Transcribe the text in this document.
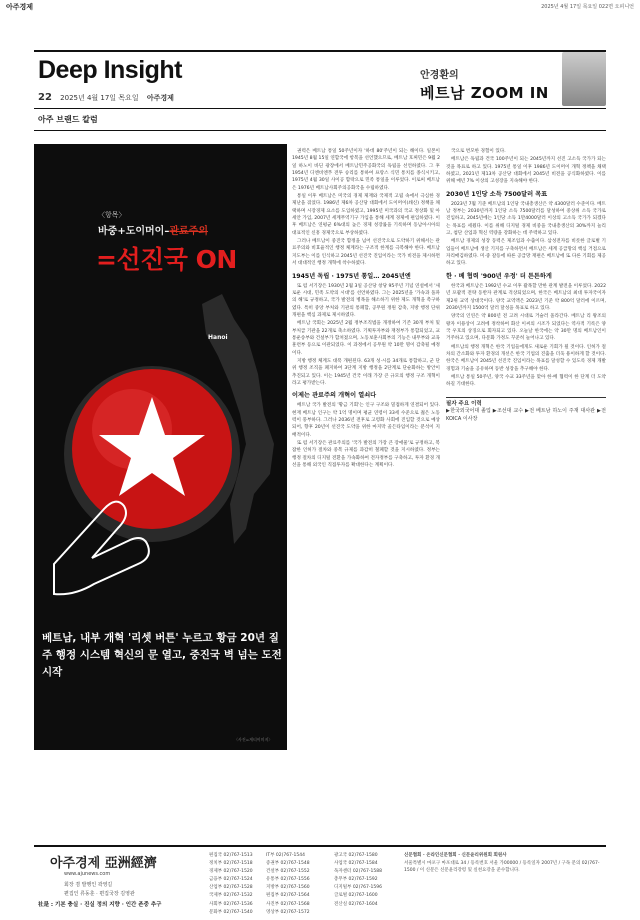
아주경제	2025년 4월 17일 목요일 022면 오피니언
Deep Insight
22 2025년 4월 17일 목요일 아주경제
안경환의
베트남 ZOOM IN
아주 브랜드 칼럼
〈항목〉
바중+도이머이–관료주의
=선진국 ON
Hanoi
베트남, 내부 개혁 '리셋 버튼' 누르고 황금 20년 질주 행정 시스템 혁신의 문 열고, 중진국 벽 넘는 도전 시작
〈사진=게티이미지〉

권력은 베트남 통일 50주년이자 '하데 80'주년이 되는 해이다. 일본이 1945년 8월 15일 연합국에 항복을 선언했으므로, 베트남 호찌민은 9월 2일 하노이 바딘 광장에서 베트남민주공화국의 독립을 선언하였다. 그 후 1954년 디엔비엔푸 전투 승리를 통하여 프랑스 식민 통치를 종식시키고, 1975년 4월 30일 사이공 함락으로 민족 통일을 이루었다. 이로써 베트남은 1976년 베트남사회주의공화국을 수립하였다.

통일 이후 베트남은 미국의 경제 제재와 국제적 고립 속에서 극심한 경제난을 겪었다. 1986년 제6차 공산당 대회에서 도이머이(쇄신) 정책을 채택하며 시장경제 요소를 도입하였고, 1995년 미국과의 국교 정상화 및 아세안 가입, 2007년 세계무역기구 가입을 통해 세계 경제에 편입하였다. 이후 베트남은 연평균 6%대의 높은 경제 성장률을 기록하며 동남아시아의 대표적인 신흥 경제국으로 부상하였다.

그러나 베트남이 중진국 함정을 넘어 선진국으로 도약하기 위해서는 관료주의와 비효율적인 행정 체계라는 구조적 한계를 극복해야 한다. 베트남 지도부는 이를 인식하고 2045년 선진국 진입이라는 국가 비전을 제시하면서 대대적인 행정 개혁에 착수하였다.

1945년 독립 · 1975년 통일… 2045년엔

또 럼 서기장은 1930년 2월 3일 공산당 창당 95주년 기념 연설에서 '새로운 시대, 민족 도약의 시대'를 선언하였다. 그는 2025년을 '가속과 돌파의 해'로 규정하고, 국가 발전의 병목을 해소하기 위한 제도 개혁을 촉구하였다. 특히 중앙 부처와 기관의 통폐합, 공무원 정원 감축, 지방 행정 단위 개편을 핵심 과제로 제시하였다.

베트남 국회는 2025년 2월 정부조직법을 개정하여 기존 30개 부처 및 부처급 기관을 22개로 축소하였다. 기획투자부와 재정부가 통합되었고, 교통운송부와 건설부가 합쳐졌으며, 노동보훈사회부의 기능은 내무부와 교육훈련부 등으로 이관되었다. 이 과정에서 공무원 약 10만 명이 감축될 예정이다.

지방 행정 체계도 대폭 개편된다. 63개 성·시를 34개로 통합하고, 군 단위 행정 조직을 폐지하여 3단계 지방 행정을 2단계로 단순화하는 방안이 추진되고 있다. 이는 1945년 건국 이래 가장 큰 규모의 행정 구조 개혁이라고 평가받는다.

이제는 관료주의 개혁이 열쇠다

베트남 국가 발전의 '황금 기회'는 인구 구조와 밀접하게 연결되어 있다. 현재 베트남 인구는 약 1억 명이며 평균 연령이 33세 수준으로 젊은 노동력이 풍부하다. 그러나 2036년 전후로 고령화 사회에 진입할 것으로 예상되어, 향후 20년이 선진국 도약을 위한 마지막 골든타임이라는 분석이 지배적이다.

또 럼 서기장은 관료주의를 '국가 발전의 가장 큰 장애물'로 규정하고, 복잡한 인허가 절차와 중복 규제를 과감히 철폐할 것을 지시하였다. 정부는 행정 절차의 디지털 전환을 가속화하여 전자정부를 구축하고, 투자 환경 개선을 통해 외국인 직접투자를 확대한다는 계획이다.

국으로 번모한 경험이 있다.

베트남은 독립과 건국 100주년이 되는 2045년까지 선진 고소득 국가가 되는 것을 목표로 하고 있다. 1975년 통일 이후 1986년 도이머이 개혁 정책을 채택하였고, 2021년 제13차 공산당 대회에서 2045년 비전을 공식화하였다. 이를 위해 매년 7% 이상의 고성장을 지속해야 한다.

2030년 1인당 소득 7500달러 목표

2023년 7월 기준 베트남의 1인당 국내총생산은 약 4300달러 수준이다. 베트남 정부는 2030년까지 1인당 소득 7500달러를 달성하여 중상위 소득 국가로 진입하고, 2045년에는 1인당 소득 1만4000달러 이상의 고소득 국가가 되겠다는 목표를 세웠다. 이를 위해 디지털 경제 비중을 국내총생산의 30%까지 늘리고, 첨단 산업과 혁신 역량을 강화하는 데 주력하고 있다.

베트남 경제의 성장 동력은 제조업과 수출이다. 삼성전자를 비롯한 글로벌 기업들이 베트남에 생산 기지를 구축하면서 베트남은 세계 공급망의 핵심 거점으로 자리매김하였다. 미·중 갈등에 따른 공급망 재편은 베트남에 또 다른 기회를 제공하고 있다.

한 · 베 협력 '900년 우정' 더 튼튼하게

한국과 베트남은 1992년 수교 이후 괄목할 만한 관계 발전을 이루었다. 2022년 포괄적 전략 동반자 관계로 격상되었으며, 한국은 베트남의 최대 투자국이자 제2위 교역 상대국이다. 양국 교역액은 2023년 기준 약 800억 달러에 이르며, 2030년까지 1500억 달러 달성을 목표로 하고 있다.

양국의 인연은 약 800년 전 고려 시대로 거슬러 올라간다. 베트남 리 왕조의 왕자 이용상이 고려에 정착하여 화산 이씨의 시조가 되었다는 역사적 기록은 양국 우호의 상징으로 회자되고 있다. 오늘날 한국에는 약 30만 명의 베트남인이 거주하고 있으며, 다문화 가정도 꾸준히 늘어나고 있다.

베트남의 행정 개혁은 한국 기업들에게도 새로운 기회가 될 것이다. 인허가 절차의 간소화와 투자 환경의 개선은 한국 기업의 진출을 더욱 용이하게 할 것이다. 한국은 베트남이 2045년 선진국 진입이라는 목표를 달성할 수 있도록 경제 개발 경험과 기술을 공유하며 동반 성장을 추구해야 한다.

베트남 통일 50주년, 양국 수교 33주년을 맞아 한·베 협력이 한 단계 더 도약하길 기대한다.

필자 주요 이력
▶한국외국어대 졸업 ▶조선대 교수 ▶전 베트남 하노이 주재 대사관 ▶전 KOICA 이사장
아주경제 亞洲經濟
www.ajunews.com
회장 겸 발행인 곽영길
편집인 류동훈 · 편집국장 김영관
社是 : 기본 충실 · 진실 정의 지향 · 인간 존중 추구
편집국 02)767-1513
정치부 02)767-1518
경제부 02)767-1520
금융부 02)767-1524
산업부 02)767-1528
국제부 02)767-1532
사회부 02)767-1536
문화부 02)767-1540
IT부 02)767-1544
증권부 02)767-1548
건설부 02)767-1552
유통부 02)767-1556
지방부 02)767-1560
편집부 02)767-1564
사진부 02)767-1568
영상부 02)767-1572
광고국 02)767-1580
사업국 02)767-1584
독자센터 02)767-1588
총무부 02)767-1592
디지털부 02)767-1596
글로벌 02)767-1600
전산실 02)767-1604
신문협회 · 온라인신문협회 · 신문윤리위원회 회원사
서울특별시 마포구 마포대로 34 / 등록번호 서울 가00000 / 등록일자 2007년 / 구독 문의 02)767-1500 / 이 신문은 신문윤리강령 및 실천요강을 준수합니다.
